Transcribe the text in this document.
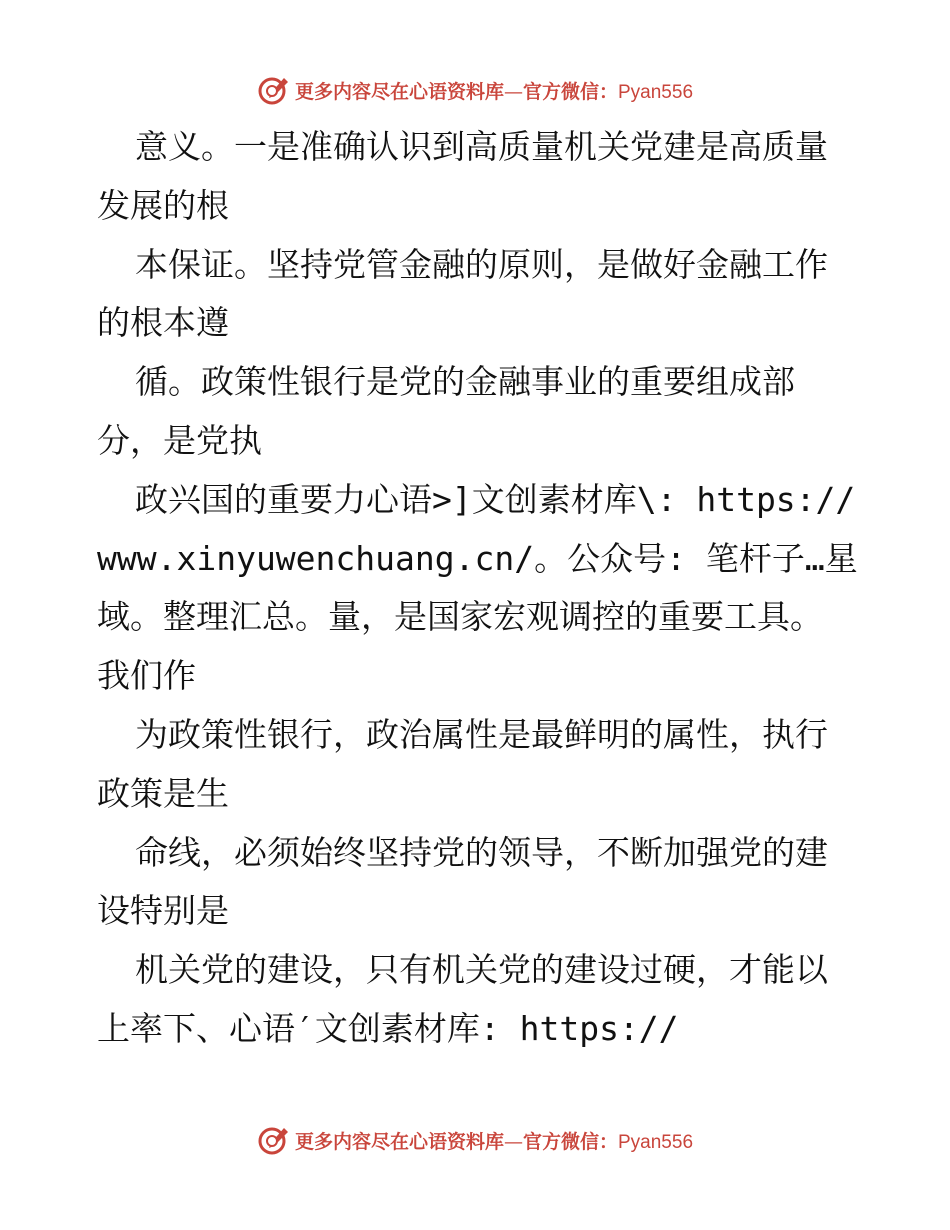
更多内容尽在心语资料库—官方微信：Pyan556
意义。一是准确认识到高质量机关党建是高质量
发展的根
本保证。坚持党管金融的原则，是做好金融工作
的根本遵
循。政策性银行是党的金融事业的重要组成部
分，是党执
政兴国的重要力心语>]文创素材库\: https://
www.xinyuwenchuang.cn/。公众号: 笔杆子…星
域。整理汇总。量，是国家宏观调控的重要工具。
我们作
为政策性银行，政治属性是最鲜明的属性，执行
政策是生
命线，必须始终坚持党的领导，不断加强党的建
设特别是
机关党的建设，只有机关党的建设过硬，才能以
上率下、心语′文创素材库: https://
更多内容尽在心语资料库—官方微信：Pyan556
